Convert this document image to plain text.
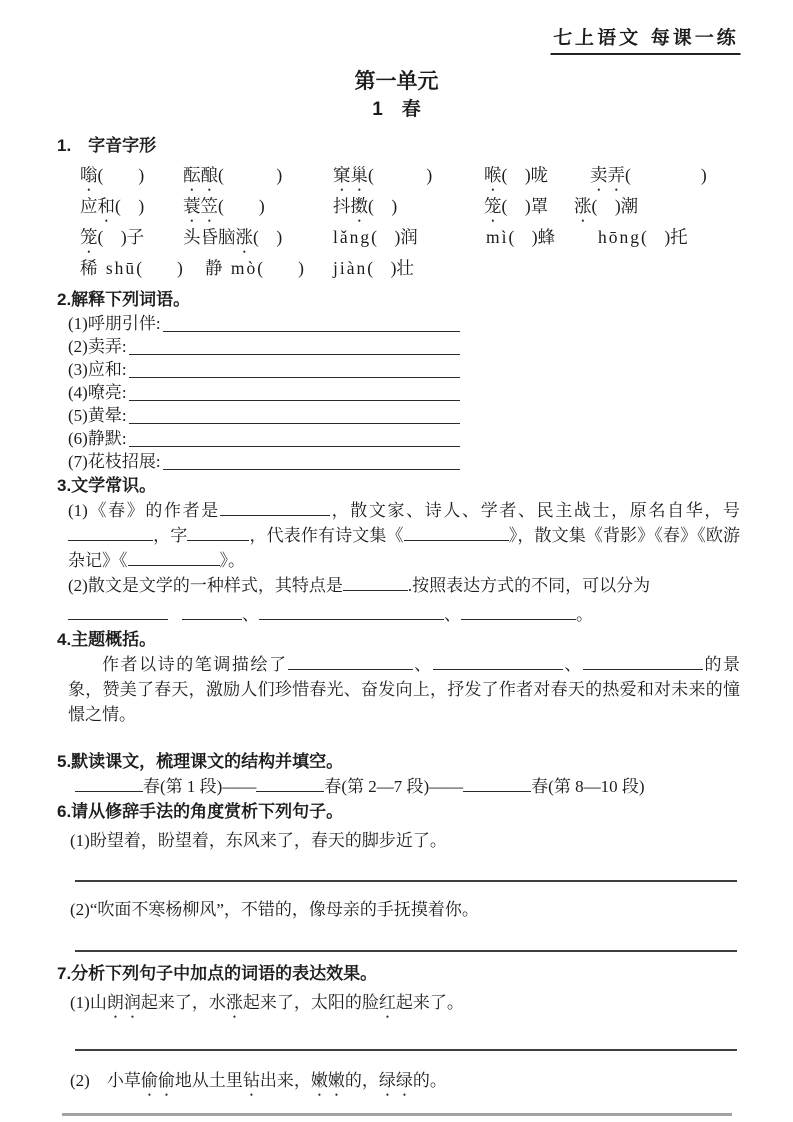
七上语文 每课一练
第一单元
1　春
1.　字音字形
嗡(　　) 酝酿(　　　)	窠巢(　　　)	喉(　)咙 卖弄(　　　　)
应和(　) 蓑笠(　　)	抖擞(　)	笼(　)罩 涨(　)潮
笼(　)子 头昏脑涨(　)	lǎng(　)润	mì(　)蜂 hōng(　)托
稀 shū(　　) 静 mò(　　) jiàn(　)壮
2.解释下列词语。
(1)呼朋引伴:
(2)卖弄:
(3)应和:
(4)嘹亮:
(5)黄晕:
(6)静默:
(7)花枝招展:
3.文学常识。
(1)《春》的作者是	，散文家、诗人、学者、民主战士，原名自华，号，字	，代表作有诗文集《	》，散文集《背影》《春》《欧游杂记》《	》。
(2)散文是文学的一种样式，其特点是	.按照表达方式的不同，可以分为
、	、	。
4.主题概括。
作者以诗的笔调描绘了	、	、	的景象，赞美了春天，激励人们珍惜春光、奋发向上，抒发了作者对春天的热爱和对未来的憧憬之情。
5.默读课文，梳理课文的结构并填空。
春(第 1 段)——	春(第 2—7 段)——	春(第 8—10 段)
6.请从修辞手法的角度赏析下列句子。
(1)盼望着，盼望着，东风来了，春天的脚步近了。
(2)“吹面不寒杨柳风”，不错的，像母亲的手抚摸着你。
7.分析下列句子中加点的词语的表达效果。
(1)山朗润起来了，水涨起来了，太阳的脸红起来了。
(2)　小草偷偷地从土里钻出来，嫩嫩的，绿绿的。
